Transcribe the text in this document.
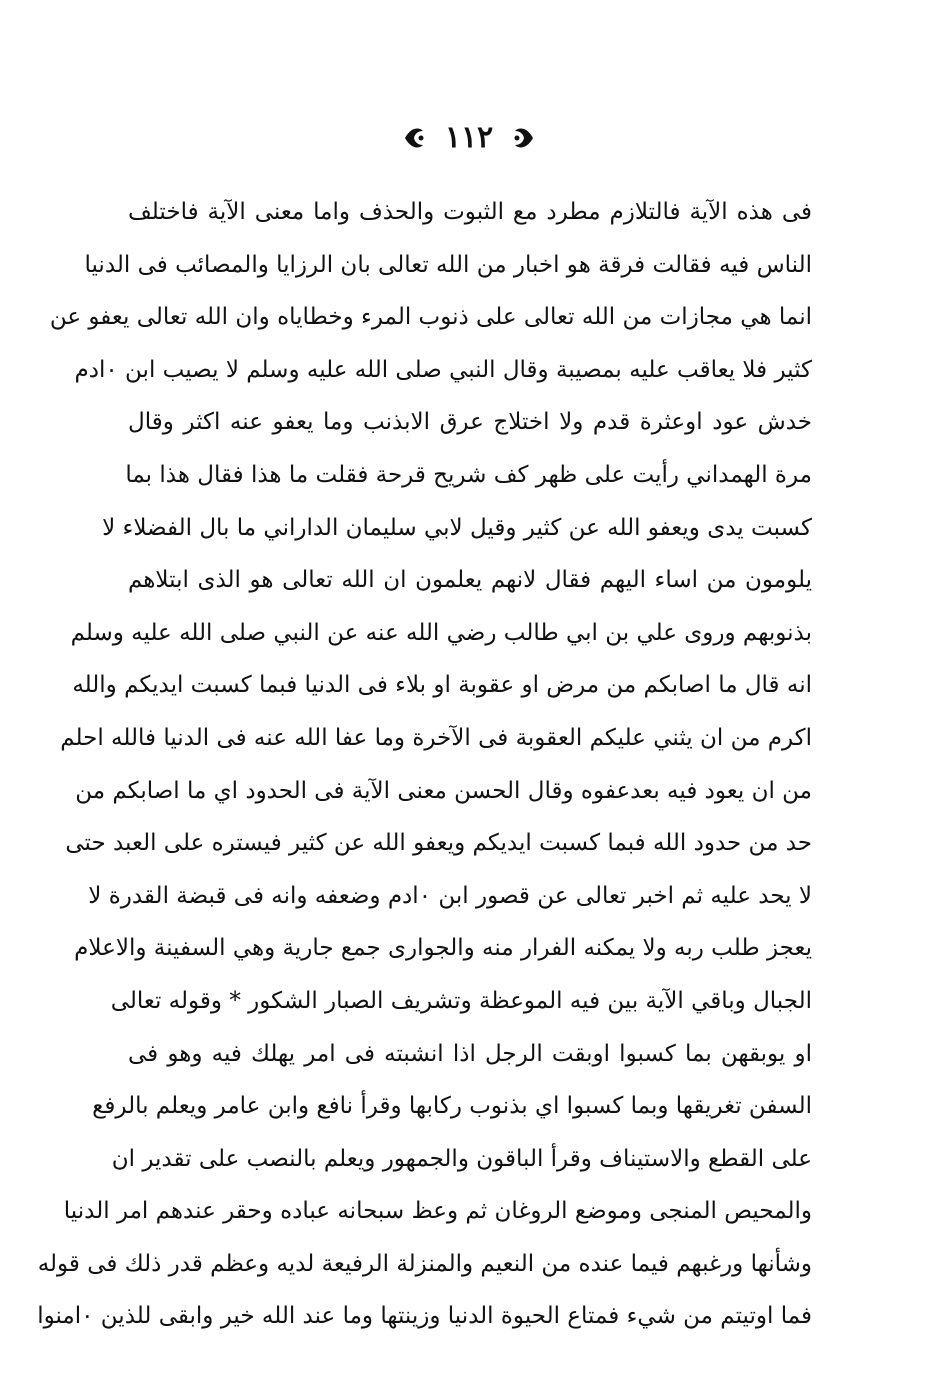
١١٢
فى هذه الآية فالتلازم مطرد مع الثبوت والحذف واما معنى الآية فاختلف
الناس فيه فقالت فرقة هو اخبار من الله تعالى بان الرزايا والمصائب فى الدنيا
انما هي مجازات من الله تعالى على ذنوب المرء وخطاياه وان الله تعالى يعفو عن
كثير فلا يعاقب عليه بمصيبة وقال النبي صلى الله عليه وسلم لا يصيب ابن ٠ادم
خدش عود اوعثرة قدم ولا اختلاج عرق الابذنب وما يعفو عنه اكثر وقال
مرة الهمداني رأيت على ظهر كف شريح قرحة فقلت ما هذا فقال هذا بما
كسبت يدى ويعفو الله عن كثير وقيل لابي سليمان الداراني ما بال الفضلاء لا
يلومون من اساء اليهم فقال لانهم يعلمون ان الله تعالى هو الذى ابتلاهم
بذنوبهم وروى علي بن ابي طالب رضي الله عنه عن النبي صلى الله عليه وسلم
انه قال ما اصابكم من مرض او عقوبة او بلاء فى الدنيا فبما كسبت ايديكم والله
اكرم من ان يثني عليكم العقوبة فى الآخرة وما عفا الله عنه فى الدنيا فالله احلم
من ان يعود فيه بعدعفوه وقال الحسن معنى الآية فى الحدود اي ما اصابكم من
حد من حدود الله فبما كسبت ايديكم ويعفو الله عن كثير فيستره على العبد حتى
لا يحد عليه ثم اخبر تعالى عن قصور ابن ٠ادم وضعفه وانه فى قبضة القدرة لا
يعجز طلب ربه ولا يمكنه الفرار منه والجوارى جمع جارية وهي السفينة والاعلام
الجبال وباقي الآية بين فيه الموعظة وتشريف الصبار الشكور * وقوله تعالى
او يوبقهن بما كسبوا اوبقت الرجل اذا انشبته فى امر يهلك فيه وهو فى
السفن تغريقها وبما كسبوا اي بذنوب ركابها وقرأ نافع وابن عامر ويعلم بالرفع
على القطع والاستيناف وقرأ الباقون والجمهور ويعلم بالنصب على تقدير ان
والمحيص المنجى وموضع الروغان ثم وعظ سبحانه عباده وحقر عندهم امر الدنيا
وشأنها ورغبهم فيما عنده من النعيم والمنزلة الرفيعة لديه وعظم قدر ذلك فى قوله
فما اوتيتم من شيء فمتاع الحيوة الدنيا وزينتها وما عند الله خير وابقى للذين ٠امنوا
